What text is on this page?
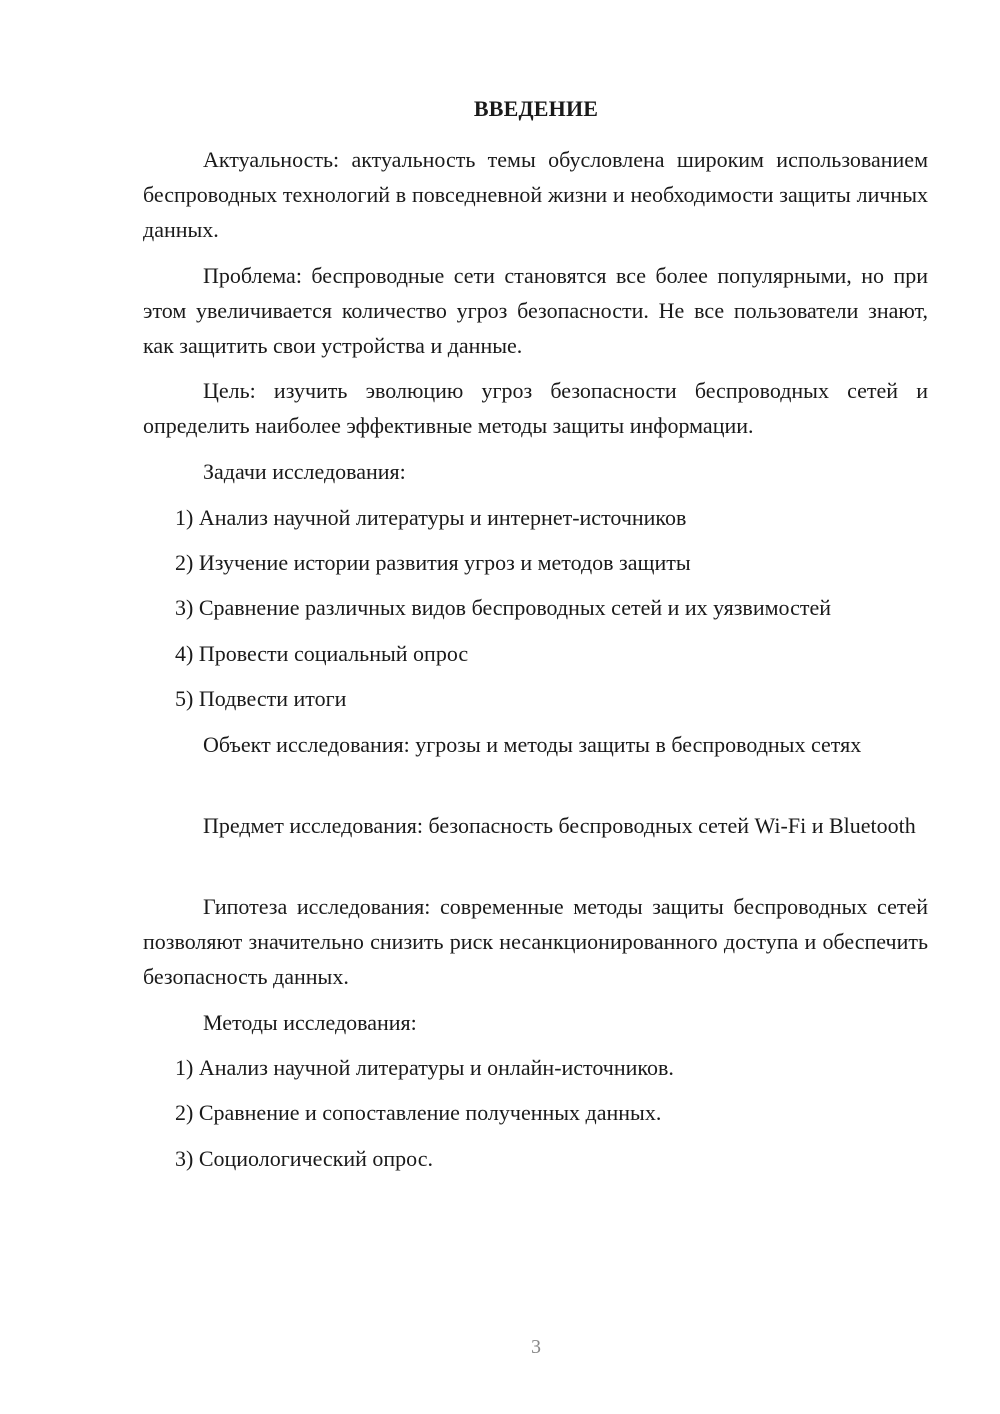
ВВЕДЕНИЕ

Актуальность: актуальность темы обусловлена широким использованием беспроводных технологий в повседневной жизни и необходимости защиты личных данных.

Проблема: беспроводные сети становятся все более популярными, но при этом увеличивается количество угроз безопасности. Не все пользователи знают, как защитить свои устройства и данные.

Цель: изучить эволюцию угроз безопасности беспроводных сетей и определить наиболее эффективные методы защиты информации.

Задачи исследования:

1) Анализ научной литературы и интернет-источников

2) Изучение истории развития угроз и методов защиты

3) Сравнение различных видов беспроводных сетей и их уязвимостей

4) Провести социальный опрос

5) Подвести итоги

Объект исследования: угрозы и методы защиты в беспроводных сетях

Предмет исследования: безопасность беспроводных сетей Wi-Fi и Bluetooth

Гипотеза исследования: современные методы защиты беспроводных сетей позволяют значительно снизить риск несанкционированного доступа и обеспечить безопасность данных.

Методы исследования:

1) Анализ научной литературы и онлайн-источников.

2) Сравнение и сопоставление полученных данных.

3) Социологический опрос.

3
